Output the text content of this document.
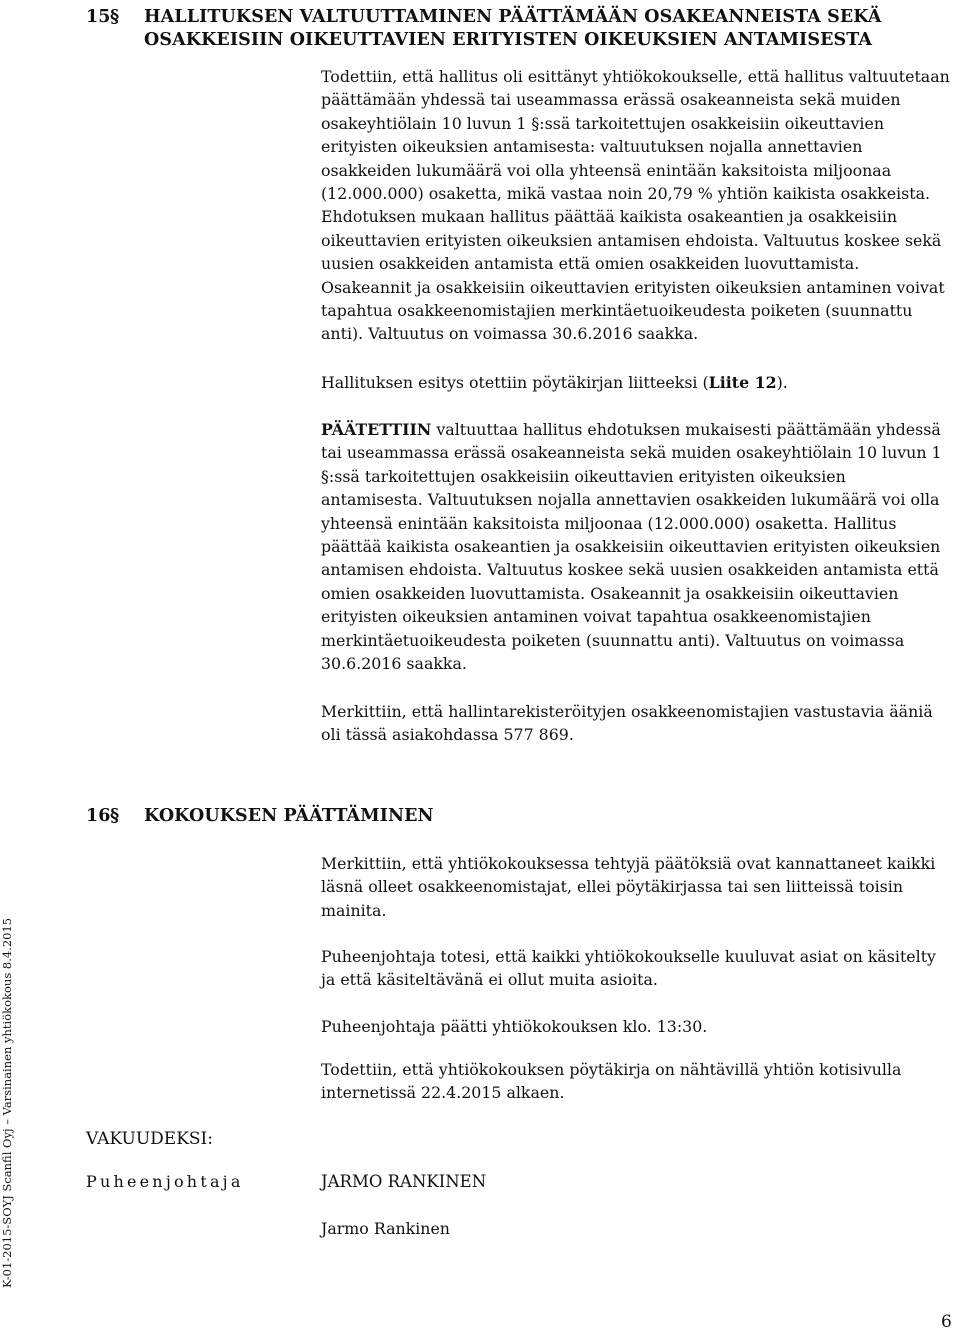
15§ HALLITUKSEN VALTUUTTAMINEN PÄÄTTÄMÄÄN OSAKEANNEISTA SEKÄ
OSAKKEISIIN OIKEUTTAVIEN ERITYISTEN OIKEUKSIEN ANTAMISESTA

Todettiin, että hallitus oli esittänyt yhtiökokoukselle, että hallitus valtuutetaan päättämään yhdessä tai useammassa erässä osakeanneista sekä muiden osakeyhtiölain 10 luvun 1 §:ssä tarkoitettujen osakkeisiin oikeuttavien erityisten oikeuksien antamisesta: valtuutuksen nojalla annettavien osakkeiden lukumäärä voi olla yhteensä enintään kaksitoista miljoonaa (12.000.000) osaketta, mikä vastaa noin 20,79 % yhtiön kaikista osakkeista. Ehdotuksen mukaan hallitus päättää kaikista osakeantien ja osakkeisiin oikeuttavien erityisten oikeuksien antamisen ehdoista. Valtuutus koskee sekä uusien osakkeiden antamista että omien osakkeiden luovuttamista. Osakeannit ja osakkeisiin oikeuttavien erityisten oikeuksien antaminen voivat tapahtua osakkeenomistajien merkintäetuoikeudesta poiketen (suunnattu anti). Valtuutus on voimassa 30.6.2016 saakka.

Hallituksen esitys otettiin pöytäkirjan liitteeksi (Liite 12).

PÄÄTETTIIN valtuuttaa hallitus ehdotuksen mukaisesti päättämään yhdessä tai useammassa erässä osakeanneista sekä muiden osakeyhtiölain 10 luvun 1 §:ssä tarkoitettujen osakkeisiin oikeuttavien erityisten oikeuksien antamisesta. Valtuutuksen nojalla annettavien osakkeiden lukumäärä voi olla yhteensä enintään kaksitoista miljoonaa (12.000.000) osaketta. Hallitus päättää kaikista osakeantien ja osakkeisiin oikeuttavien erityisten oikeuksien antamisen ehdoista. Valtuutus koskee sekä uusien osakkeiden antamista että omien osakkeiden luovuttamista. Osakeannit ja osakkeisiin oikeuttavien erityisten oikeuksien antaminen voivat tapahtua osakkeenomistajien merkintäetuoikeudesta poiketen (suunnattu anti). Valtuutus on voimassa 30.6.2016 saakka.

Merkittiin, että hallintarekisteröityjen osakkeenomistajien vastustavia ääniä oli tässä asiakohdassa 577 869.

16§ KOKOUKSEN PÄÄTTÄMINEN

Merkittiin, että yhtiökokouksessa tehtyjä päätöksiä ovat kannattaneet kaikki läsnä olleet osakkeenomistajat, ellei pöytäkirjassa tai sen liitteissä toisin mainita.

Puheenjohtaja totesi, että kaikki yhtiökokoukselle kuuluvat asiat on käsitelty ja että käsiteltävänä ei ollut muita asioita.

Puheenjohtaja päätti yhtiökokouksen klo. 13:30.

Todettiin, että yhtiökokouksen pöytäkirja on nähtävillä yhtiön kotisivulla internetissä 22.4.2015 alkaen.

VAKUUDEKSI:
Puheenjohtaja	JARMO RANKINEN

Jarmo Rankinen

K-01-2015-SOYJ Scanfil Oyj – Varsinainen yhtiökokous 8.4.2015
6
